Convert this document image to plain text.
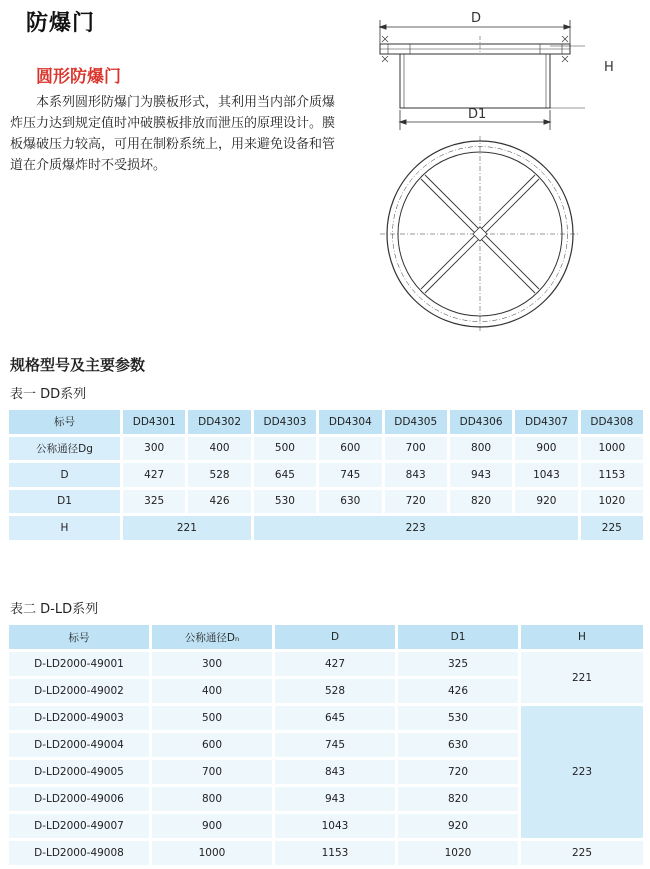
防爆门
圆形防爆门
本系列圆形防爆门为膜板形式，其利用当内部介质爆炸压力达到规定值时冲破膜板排放而泄压的原理设计。膜板爆破压力较高，可用在制粉系统上，用来避免设备和管道在介质爆炸时不受损坏。
D
D1
H
规格型号及主要参数
表一 DD系列
标号	DD4301	DD4302	DD4303	DD4304	DD4305	DD4306	DD4307	DD4308
公称通径Dg	300	400	500	600	700	800	900	1000
D	427	528	645	745	843	943	1043	1153
D1	325	426	530	630	720	820	920	1020
H	221		223					225
表二 D-LD系列
标号	公称通径Dₙ	D	D1	H
D-LD2000-49001	300	427	325	221
D-LD2000-49002	400	528	426	
D-LD2000-49003	500	645	530	223
D-LD2000-49004	600	745	630	
D-LD2000-49005	700	843	720	
D-LD2000-49006	800	943	820	
D-LD2000-49007	900	1043	920	
D-LD2000-49008	1000	1153	1020	225
